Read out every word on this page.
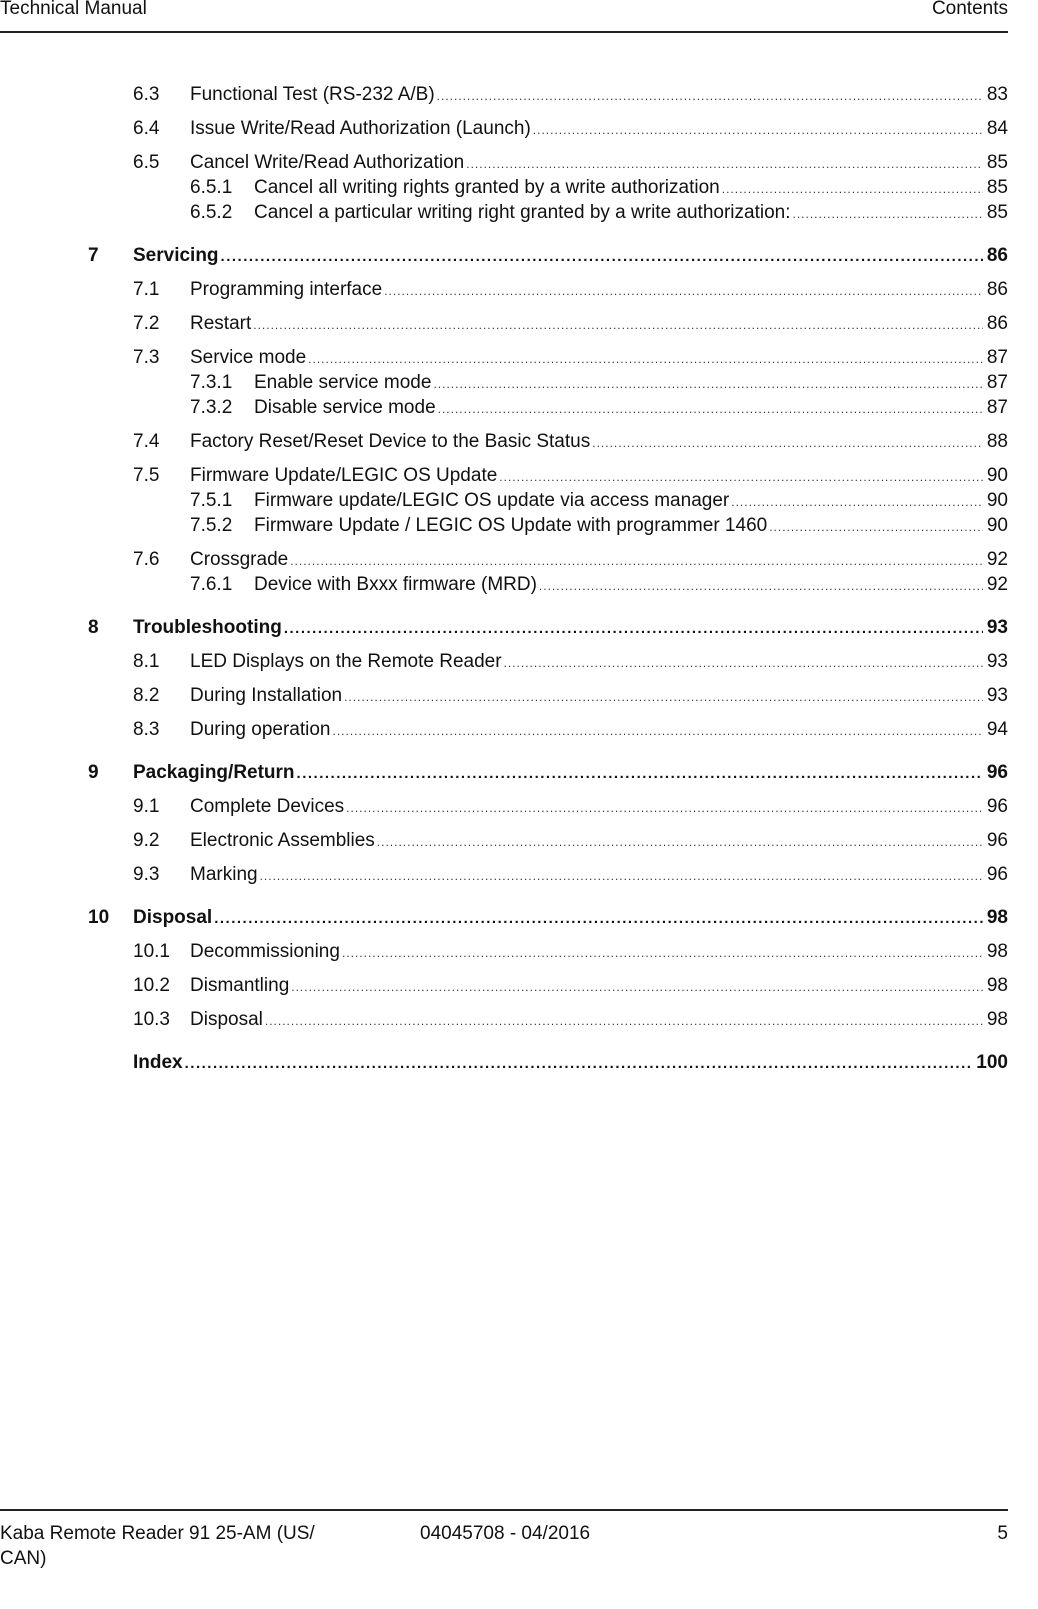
Technical Manual	Contents
6.3 Functional Test (RS-232 A/B) .....	83
6.4 Issue Write/Read Authorization (Launch) .....	84
6.5 Cancel Write/Read Authorization .....	85
6.5.1 Cancel all writing rights granted by a write authorization .....	85
6.5.2 Cancel a particular writing right granted by a write authorization: .....	85
7 Servicing .....	86
7.1 Programming interface .....	86
7.2 Restart .....	86
7.3 Service mode .....	87
7.3.1 Enable service mode .....	87
7.3.2 Disable service mode .....	87
7.4 Factory Reset/Reset Device to the Basic Status .....	88
7.5 Firmware Update/LEGIC OS Update .....	90
7.5.1 Firmware update/LEGIC OS update via access manager .....	90
7.5.2 Firmware Update / LEGIC OS Update with programmer 1460 .....	90
7.6 Crossgrade .....	92
7.6.1 Device with Bxxx firmware (MRD) .....	92
8 Troubleshooting .....	93
8.1 LED Displays on the Remote Reader .....	93
8.2 During Installation .....	93
8.3 During operation .....	94
9 Packaging/Return .....	96
9.1 Complete Devices .....	96
9.2 Electronic Assemblies .....	96
9.3 Marking .....	96
10 Disposal .....	98
10.1 Decommissioning .....	98
10.2 Dismantling .....	98
10.3 Disposal .....	98
Index .....	100
Kaba Remote Reader 91 25-AM (US/ CAN)
04045708 - 04/2016	5
